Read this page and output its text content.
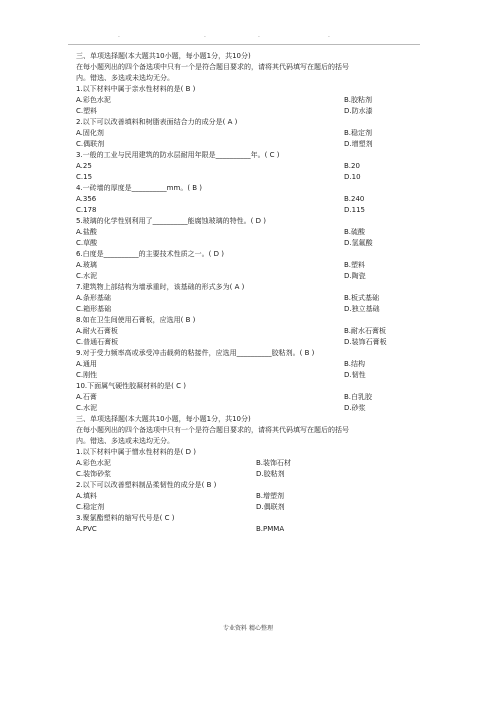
.	.	.	.
三、单项选择题(本大题共10小题，每小题1分，共10分)
在每小题列出的四个备选项中只有一个是符合题目要求的，请将其代码填写在题后的括号
内。错选、多选或未选均无分。
1.以下材料中属于亲水性材料的是( B )
A.彩色水泥	B.胶粘剂
C.塑料	D.防水漆
2.以下可以改善填料和树脂表面结合力的成分是( A )
A.固化剂	B.稳定剂
C.偶联剂	D.增塑剂
3.一般的工业与民用建筑的防水层耐用年限是__________年。( C )
A.25	B.20
C.15	D.10
4.一砖墙的厚度是__________mm。( B )
A.356	B.240
C.178	D.115
5.玻璃的化学性别利用了__________能腐蚀玻璃的特性。( D )
A.盐酸	B.硫酸
C.草酸	D.氢氟酸
6.白度是__________的主要技术性质之一。( D )
A.玻璃	B.塑料
C.水泥	D.陶瓷
7.建筑物上部结构为墙承重时，该基础的形式多为( A )
A.条形基础	B.板式基础
C.箱形基础	D.独立基础
8.如在卫生间使用石膏板，应选用( B )
A.耐火石膏板	B.耐水石膏板
C.普通石膏板	D.装饰石膏板
9.对于受力频率高或承受冲击载荷的粘接件，应选用__________胶粘剂。( B )
A.通用	B.结构
C.刚性	D.韧性
10.下面属气硬性胶凝材料的是( C )
A.石膏	B.白乳胶
C.水泥	D.砂浆
三、单项选择题(本大题共10小题，每小题1分，共10分)
在每小题列出的四个备选项中只有一个是符合题目要求的，请将其代码填写在题后的括号
内。错选、多选或未选均无分。
1.以下材料中属于憎水性材料的是( D )
A.彩色水泥	B.装饰石材
C.装饰砂浆	D.胶粘剂
2.以下可以改善塑料制品柔韧性的成分是( B )
A.填料	B.增塑剂
C.稳定剂	D.偶联剂
3.聚氯酯塑料的缩写代号是( C )
A.PVC	B.PMMA
专业资料 精心整理
